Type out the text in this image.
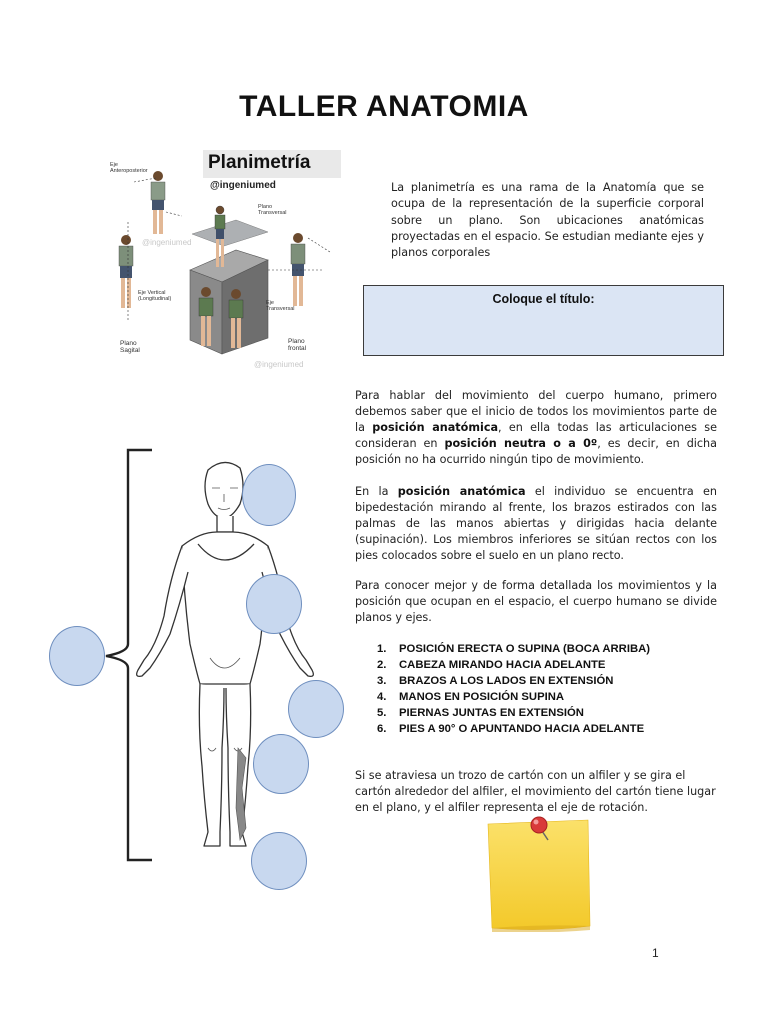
TALLER ANATOMIA
Planimetría
@ingeniumed
Eje Anteroposterior
Plano Transversal
Eje Vertical (Longitudinal)
Eje Transversal
Plano Sagital
Plano frontal
@ingeniumed
@ingeniumed
La planimetría es una rama de la Anatomía que se ocupa de la representación de la superficie corporal sobre un plano. Son ubicaciones anatómicas proyectadas en el espacio. Se estudian mediante ejes y planos corporales
Coloque el título:
Para hablar del movimiento del cuerpo humano, primero debemos saber que el inicio de todos los movimientos parte de la posición anatómica, en ella todas las articulaciones se consideran en posición neutra o a 0º, es decir, en dicha posición no ha ocurrido ningún tipo de movimiento.
En la posición anatómica el individuo se encuentra en bipedestación mirando al frente, los brazos estirados con las palmas de las manos abiertas y dirigidas hacia delante (supinación). Los miembros inferiores se sitúan rectos con los pies colocados sobre el suelo en un plano recto.
Para conocer mejor y de forma detallada los movimientos y la posición que ocupan en el espacio, el cuerpo humano se divide planos y ejes.
1. POSICIÓN ERECTA O SUPINA (BOCA ARRIBA)
2. CABEZA MIRANDO HACIA ADELANTE
3. BRAZOS A LOS LADOS EN EXTENSIÓN
4. MANOS EN POSICIÓN SUPINA
5. PIERNAS JUNTAS EN EXTENSIÓN
6. PIES A 90° O APUNTANDO HACIA ADELANTE
Si se atraviesa un trozo de cartón con un alfiler y se gira el cartón alrededor del alfiler, el movimiento del cartón tiene lugar en el plano, y el alfiler representa el eje de rotación.
1
